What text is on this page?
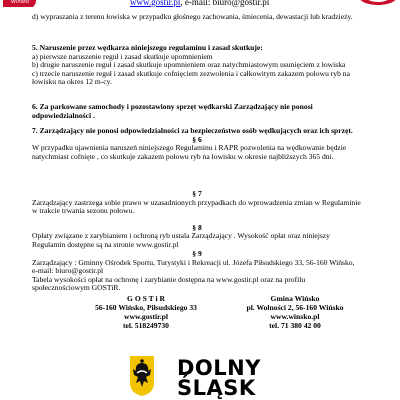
Winsko	www.gostir.pl, e-mail: biuro@gostir.pl

d) wypraszania z terenu łowiska w przypadku głośnego zachowania, śmiecenia, dewastacji lub kradzieży.

5. Naruszenie przez wędkarza niniejszego regulaminu i zasad skutkuje:

a) pierwsze naruszenie reguł i zasad skutkuje upomnieniem

b) drugie naruszenie reguł i zasad skutkuje upomnieniem oraz natychmiastowym usunięciem z łowiska

c) trzecie naruszenie reguł i zasad skutkuje cofnięciem zezwolenia i całkowitym zakazem połowu ryb na łowisku na okres 12 m-cy.

6. Za parkowane samochody i pozostawiony sprzęt wędkarski Zarządzający nie ponosi odpowiedzialności .

7. Zarządzający nie ponosi odpowiedzialności za bezpieczeństwo osób wędkujących oraz ich sprzęt.

§ 6

W przypadku ujawnienia naruszeń niniejszego Regulaminu i RAPR pozwolenia na wędkowanie będzie natychmiast cofnięte , co skutkuje zakazem połowu ryb na łowisku w okresie najbliższych 365 dni.

§ 7

Zarządzający zastrzega sobie prawo w uzasadnionych przypadkach do wprowadzenia zmian w Regulaminie w trakcie trwania sezonu połowu.

§ 8

Opłaty związane z zarybianiem i ochroną ryb ustala Zarządzający . Wysokość opłat oraz niniejszy Regulamin dostępne są na stronie www.gostir.pl

§ 9

Zarządzający : Gminny Ośrodek Sportu, Turystyki i Rekreacji ul. Józefa Piłsudskiego 33, 56-160 Wińsko, e-mail: biuro@gostir.pl

Tabela wysokości opłat na ochronę i zarybianie dostępna na www.gostir.pl oraz na profilu społecznościowym GOSTiR.

G O S T i R
56-160 Wińsko, Piłsudskiego 33
www.gostir.pl
tel. 518249730
Gmina Wińsko
pl. Wolności 2, 56-160 Wińsko
www.winsko.pl
tel. 71 380 42 00
DOLNY
ŚLĄSK
